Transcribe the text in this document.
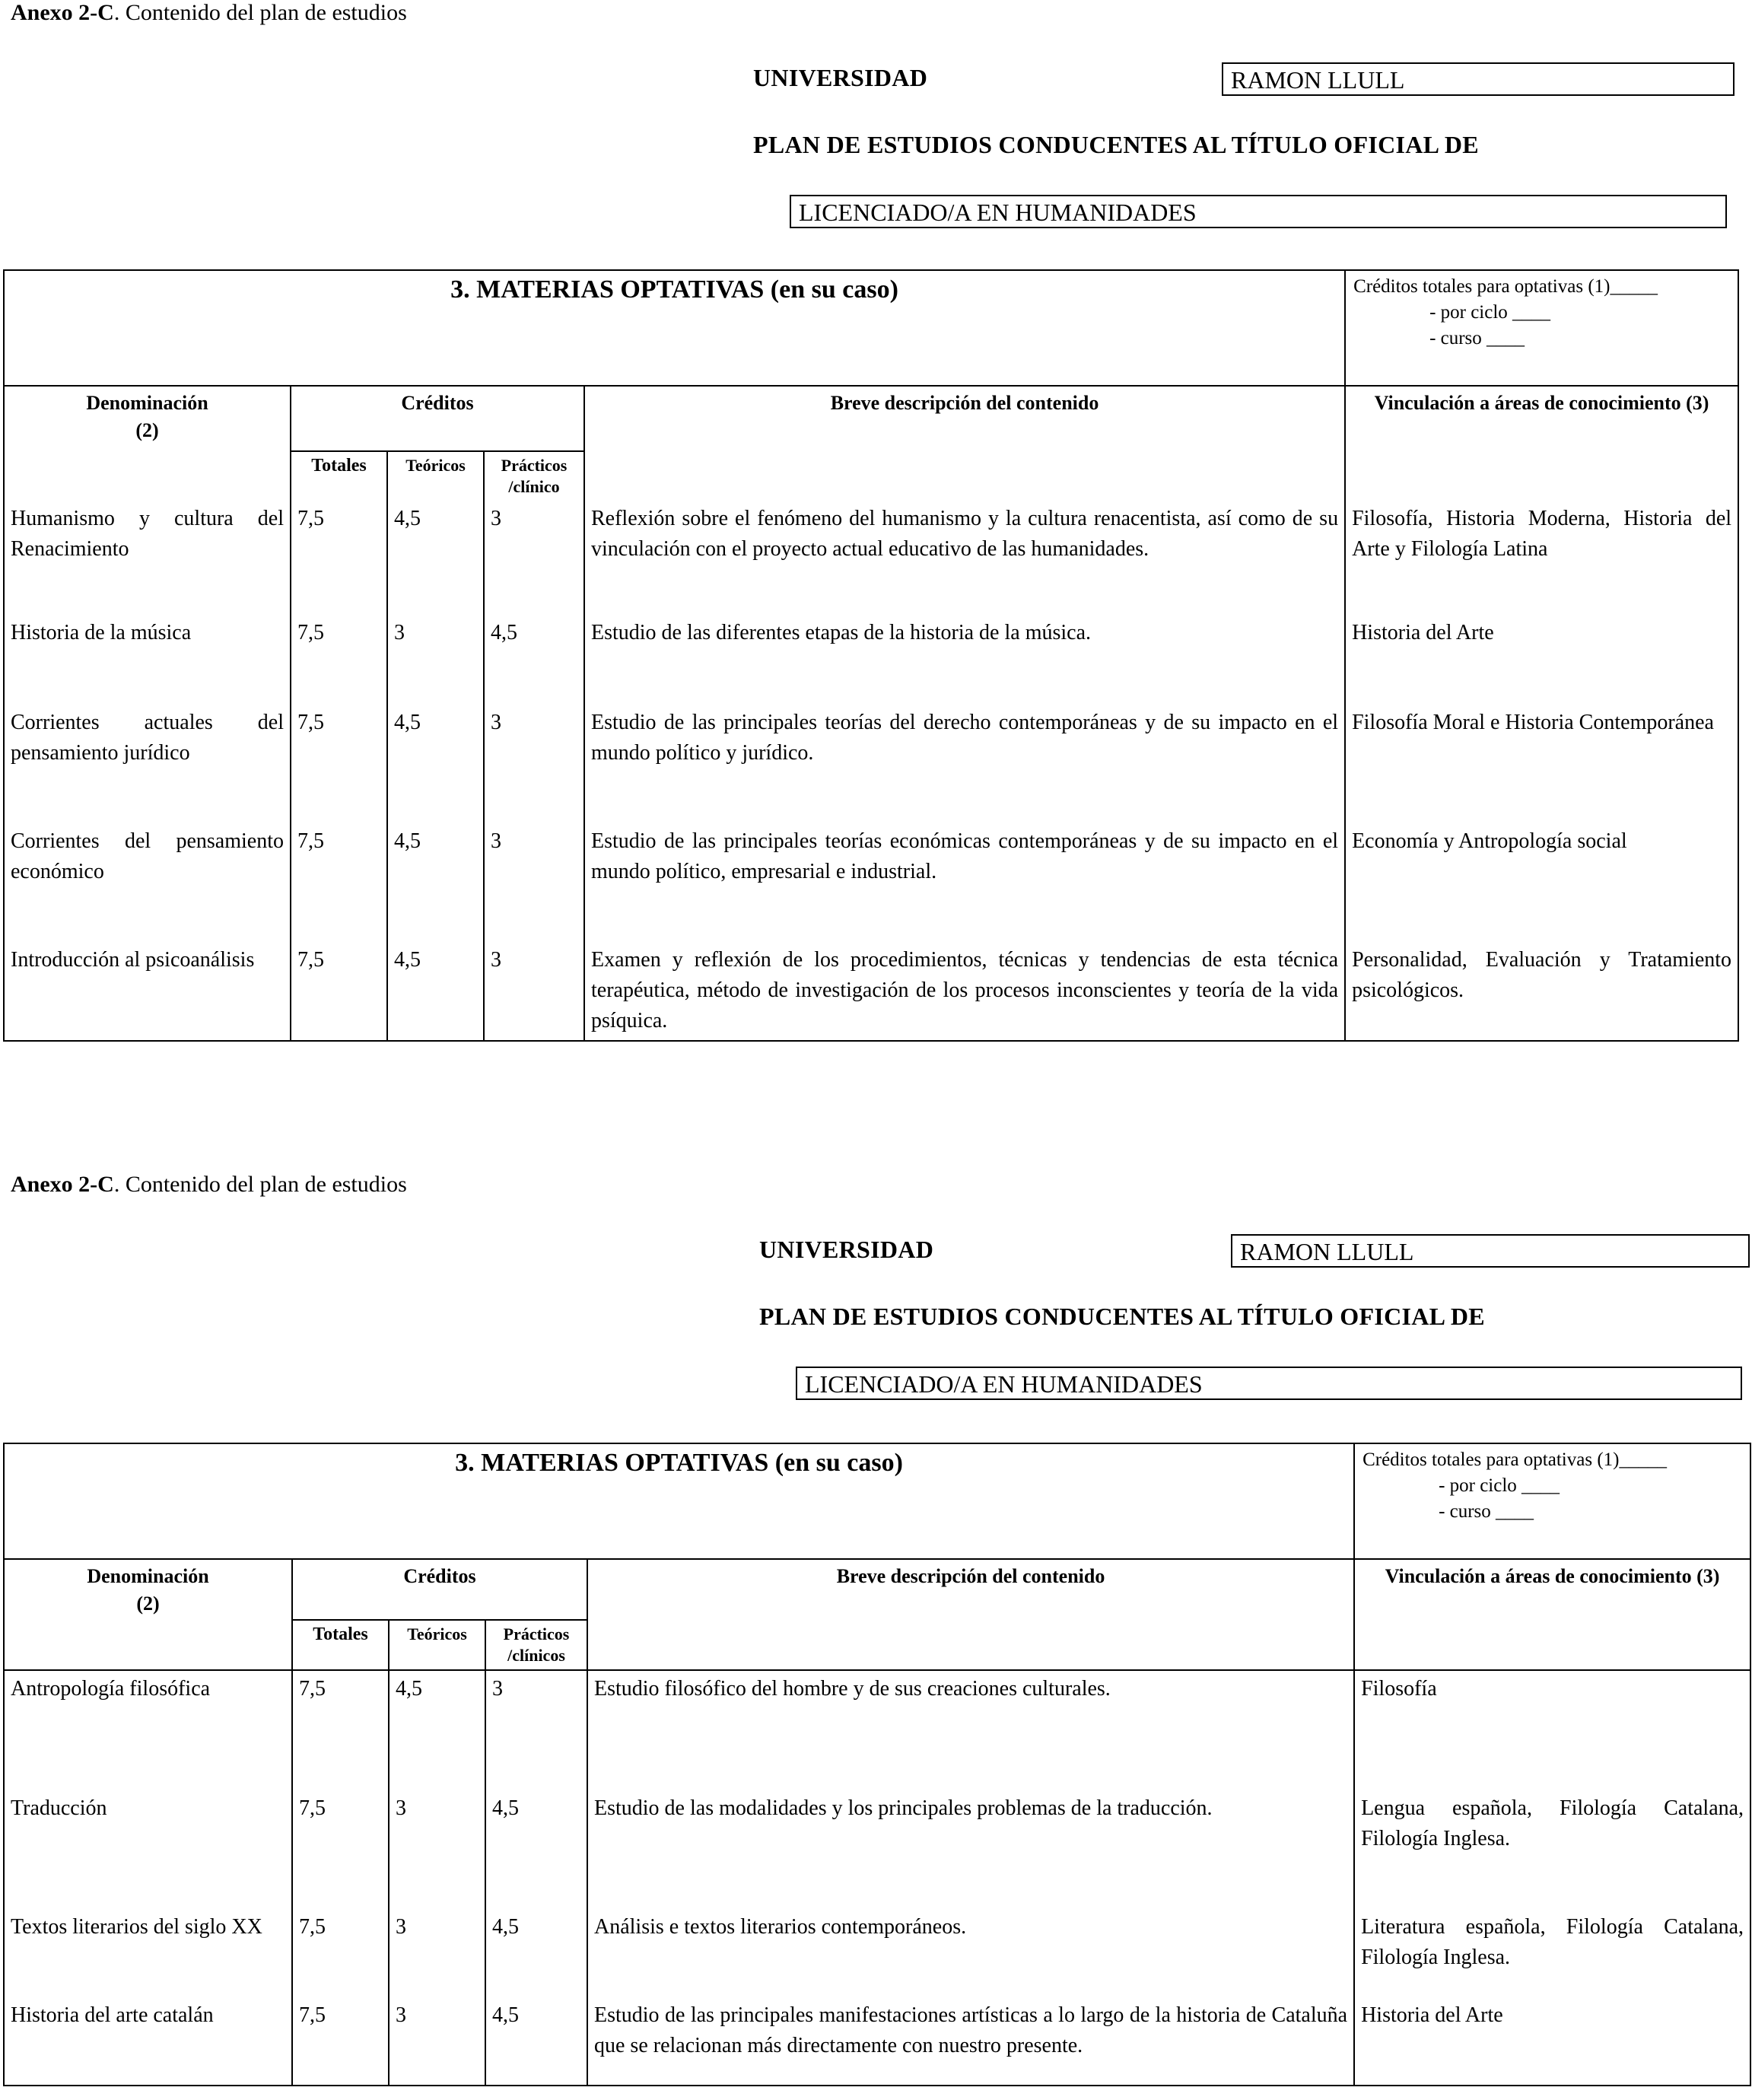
Anexo 2-C. Contenido del plan de estudios
UNIVERSIDAD	RAMON LLULL
PLAN DE ESTUDIOS CONDUCENTES AL TÍTULO OFICIAL DE
LICENCIADO/A EN HUMANIDADES
3. MATERIAS OPTATIVAS (en su caso)					Créditos totales para optativas (1)_____
- por ciclo ____
- curso ____

Denominación
(2)	Créditos			Breve descripción del contenido	Vinculación a áreas de conocimiento (3)
	Totales	Teóricos	Prácticos /clínico		
Humanismo y cultura del Renacimiento	7,5	4,5	3	Reflexión sobre el fenómeno del humanismo y la cultura renacentista, así como de su vinculación con el proyecto actual educativo de las humanidades.	Filosofía, Historia Moderna, Historia del Arte y Filología Latina
Historia de la música	7,5	3	4,5	Estudio de las diferentes etapas de la historia de la música.	Historia del Arte
Corrientes actuales del pensamiento jurídico	7,5	4,5	3	Estudio de las principales teorías del derecho contemporáneas y de su impacto en el mundo político y jurídico.	Filosofía Moral e Historia Contemporánea
Corrientes del pensamiento económico	7,5	4,5	3	Estudio de las principales teorías económicas contemporáneas y de su impacto en el mundo político, empresarial e industrial.	Economía y Antropología social
Introducción al psicoanálisis	7,5	4,5	3	Examen y reflexión de los procedimientos, técnicas y tendencias de esta técnica terapéutica, método de investigación de los procesos inconscientes y teoría de la vida psíquica.	Personalidad, Evaluación y Tratamiento psicológicos.
Anexo 2-C. Contenido del plan de estudios
UNIVERSIDAD	RAMON LLULL
PLAN DE ESTUDIOS CONDUCENTES AL TÍTULO OFICIAL DE
LICENCIADO/A EN HUMANIDADES
3. MATERIAS OPTATIVAS (en su caso)					Créditos totales para optativas (1)_____
- por ciclo ____
- curso ____

Denominación
(2)	Créditos			Breve descripción del contenido	Vinculación a áreas de conocimiento (3)
	Totales	Teóricos	Prácticos /clínicos		
Antropología filosófica	7,5	4,5	3	Estudio filosófico del hombre y de sus creaciones culturales.	Filosofía
Traducción	7,5	3	4,5	Estudio de las modalidades y los principales problemas de la traducción.	Lengua española, Filología Catalana, Filología Inglesa.
Textos literarios del siglo XX	7,5	3	4,5	Análisis e textos literarios contemporáneos.	Literatura española, Filología Catalana, Filología Inglesa.
Historia del arte catalán	7,5	3	4,5	Estudio de las principales manifestaciones artísticas a lo largo de la historia de Cataluña que se relacionan más directamente con nuestro presente.	Historia del Arte
